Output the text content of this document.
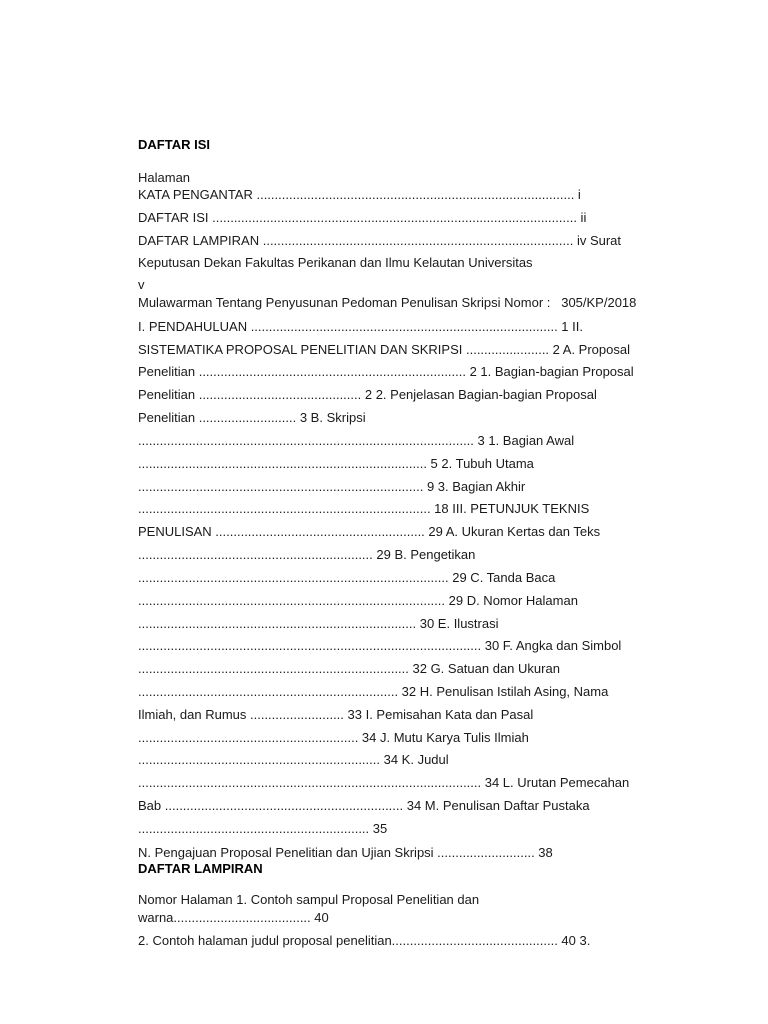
DAFTAR ISI
Halaman
KATA PENGANTAR ........................................................................................ i
DAFTAR ISI ..................................................................................................... ii
DAFTAR LAMPIRAN ...................................................................................... iv Surat
Keputusan Dekan Fakultas Perikanan dan Ilmu Kelautan Universitas
v
Mulawarman Tentang Penyusunan Pedoman Penulisan Skripsi Nomor :   305/KP/2018
I. PENDAHULUAN ..................................................................................... 1 II.
SISTEMATIKA PROPOSAL PENELITIAN DAN SKRIPSI ....................... 2 A. Proposal
Penelitian .......................................................................... 2 1. Bagian-bagian Proposal
Penelitian ............................................. 2 2. Penjelasan Bagian-bagian Proposal
Penelitian ........................... 3 B. Skripsi
............................................................................................. 3 1. Bagian Awal
................................................................................ 5 2. Tubuh Utama
............................................................................... 9 3. Bagian Akhir
................................................................................. 18 III. PETUNJUK TEKNIS
PENULISAN .......................................................... 29 A. Ukuran Kertas dan Teks
................................................................. 29 B. Pengetikan
...................................................................................... 29 C. Tanda Baca
..................................................................................... 29 D. Nomor Halaman
............................................................................. 30 E. Ilustrasi
............................................................................................... 30 F. Angka dan Simbol
........................................................................... 32 G. Satuan dan Ukuran
........................................................................ 32 H. Penulisan Istilah Asing, Nama
Ilmiah, dan Rumus .......................... 33 I. Pemisahan Kata dan Pasal
............................................................. 34 J. Mutu Karya Tulis Ilmiah
................................................................... 34 K. Judul
............................................................................................... 34 L. Urutan Pemecahan
Bab .................................................................. 34 M. Penulisan Daftar Pustaka
................................................................ 35
N. Pengajuan Proposal Penelitian dan Ujian Skripsi ........................... 38
DAFTAR LAMPIRAN
Nomor Halaman 1. Contoh sampul Proposal Penelitian dan
warna...................................... 40
2. Contoh halaman judul proposal penelitian.............................................. 40 3.
